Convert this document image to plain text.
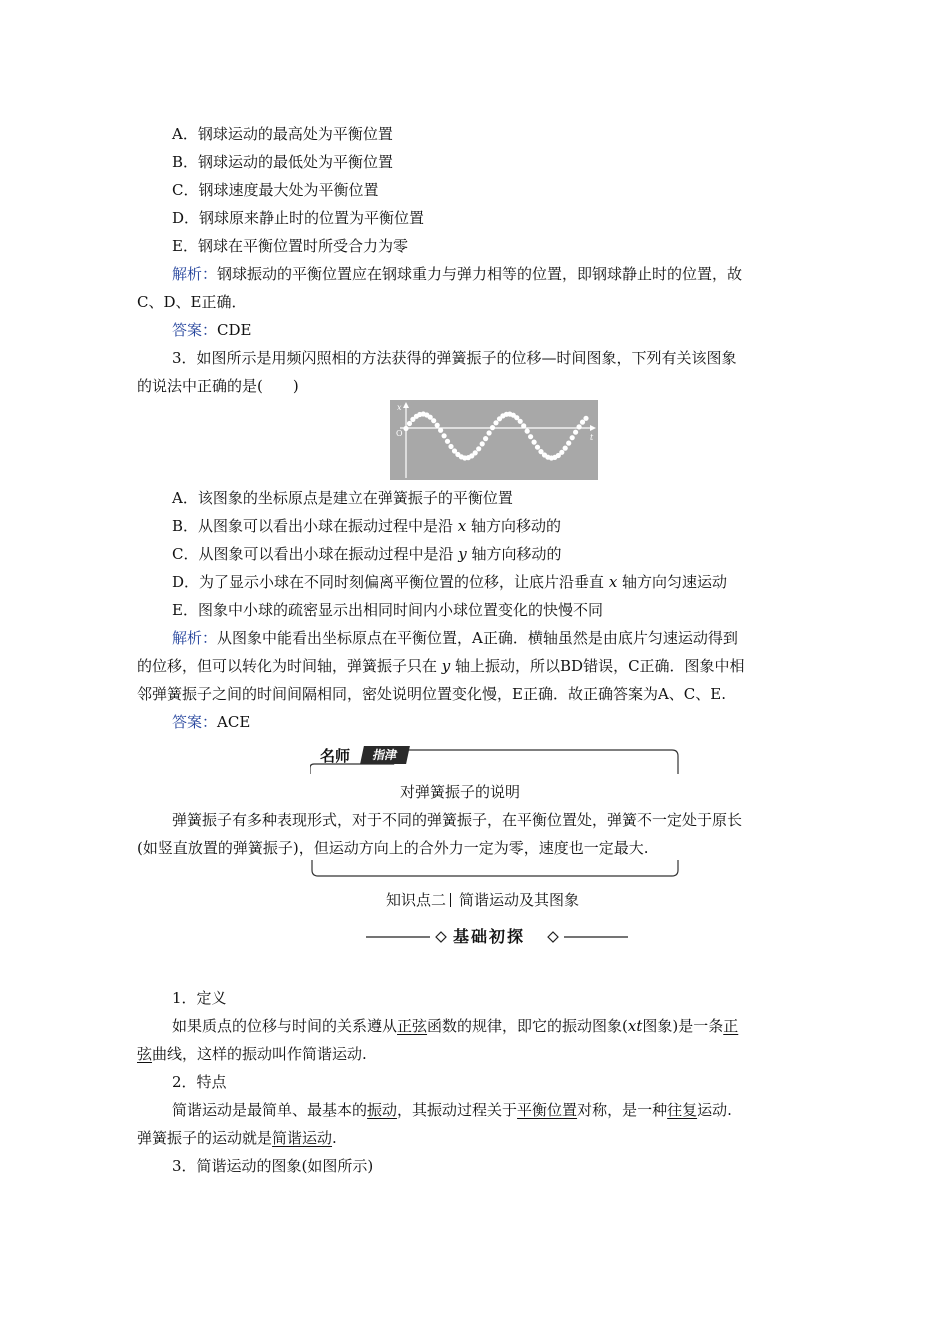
A．钢球运动的最高处为平衡位置
B．钢球运动的最低处为平衡位置
C．钢球速度最大处为平衡位置
D．钢球原来静止时的位置为平衡位置
E．钢球在平衡位置时所受合力为零
解析：钢球振动的平衡位置应在钢球重力与弹力相等的位置，即钢球静止时的位置，故
C、D、E正确．
答案：CDE
3．如图所示是用频闪照相的方法获得的弹簧振子的位移—时间图象，下列有关该图象
的说法中正确的是(　　)
x
t
O
A．该图象的坐标原点是建立在弹簧振子的平衡位置
B．从图象可以看出小球在振动过程中是沿 x 轴方向移动的
C．从图象可以看出小球在振动过程中是沿 y 轴方向移动的
D．为了显示小球在不同时刻偏离平衡位置的位移，让底片沿垂直 x 轴方向匀速运动
E．图象中小球的疏密显示出相同时间内小球位置变化的快慢不同
解析：从图象中能看出坐标原点在平衡位置，A正确．横轴虽然是由底片匀速运动得到
的位移，但可以转化为时间轴，弹簧振子只在 y 轴上振动，所以BD错误，C正确．图象中相
邻弹簧振子之间的时间间隔相同，密处说明位置变化慢，E正确．故正确答案为A、C、E.
答案：ACE
名师	指津
对弹簧振子的说明
弹簧振子有多种表现形式，对于不同的弹簧振子，在平衡位置处，弹簧不一定处于原长
(如竖直放置的弹簧振子)，但运动方向上的合外力一定为零，速度也一定最大.
知识点二 简谐运动及其图象
基础初探
1．定义
如果质点的位移与时间的关系遵从正弦函数的规律，即它的振动图象(xt图象)是一条正
弦曲线，这样的振动叫作简谐运动.
2．特点
简谐运动是最简单、最基本的振动，其振动过程关于平衡位置对称，是一种往复运动.
弹簧振子的运动就是简谐运动.
3．简谐运动的图象(如图所示)
